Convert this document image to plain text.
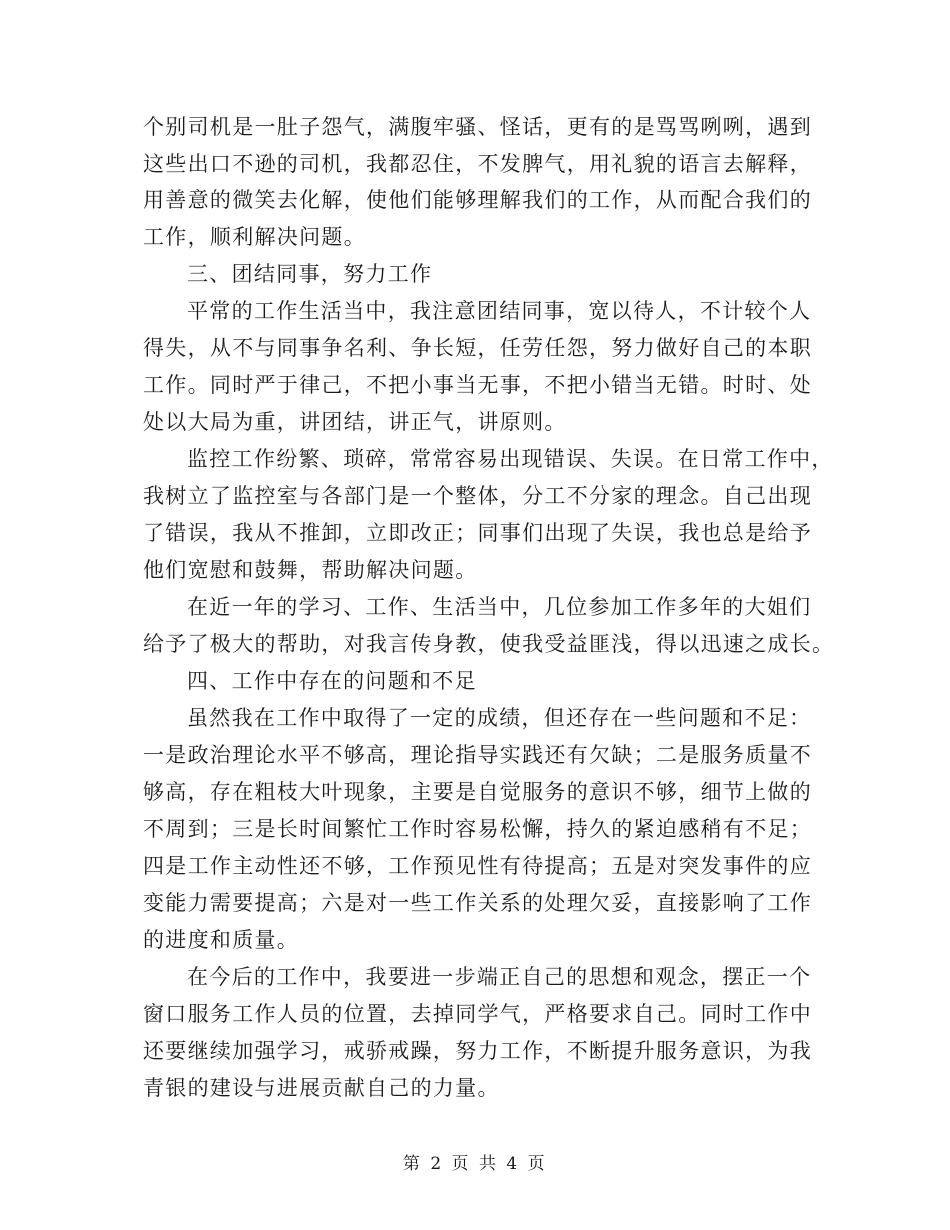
个别司机是一肚子怨气，满腹牢骚、怪话，更有的是骂骂咧咧，遇到

这些出口不逊的司机，我都忍住，不发脾气，用礼貌的语言去解释，

用善意的微笑去化解，使他们能够理解我们的工作，从而配合我们的

工作，顺利解决问题。

三、团结同事，努力工作

平常的工作生活当中，我注意团结同事，宽以待人，不计较个人

得失，从不与同事争名利、争长短，任劳任怨，努力做好自己的本职

工作。同时严于律己，不把小事当无事，不把小错当无错。时时、处

处以大局为重，讲团结，讲正气，讲原则。

监控工作纷繁、琐碎，常常容易出现错误、失误。在日常工作中，

我树立了监控室与各部门是一个整体，分工不分家的理念。自己出现

了错误，我从不推卸，立即改正；同事们出现了失误，我也总是给予

他们宽慰和鼓舞，帮助解决问题。

在近一年的学习、工作、生活当中，几位参加工作多年的大姐们

给予了极大的帮助，对我言传身教，使我受益匪浅，得以迅速之成长。

四、工作中存在的问题和不足

虽然我在工作中取得了一定的成绩，但还存在一些问题和不足：

一是政治理论水平不够高，理论指导实践还有欠缺；二是服务质量不

够高，存在粗枝大叶现象，主要是自觉服务的意识不够，细节上做的

不周到；三是长时间繁忙工作时容易松懈，持久的紧迫感稍有不足；

四是工作主动性还不够，工作预见性有待提高；五是对突发事件的应

变能力需要提高；六是对一些工作关系的处理欠妥，直接影响了工作

的进度和质量。

在今后的工作中，我要进一步端正自己的思想和观念，摆正一个

窗口服务工作人员的位置，去掉同学气，严格要求自己。同时工作中

还要继续加强学习，戒骄戒躁，努力工作，不断提升服务意识，为我

青银的建设与进展贡献自己的力量。

第 2 页 共 4 页
